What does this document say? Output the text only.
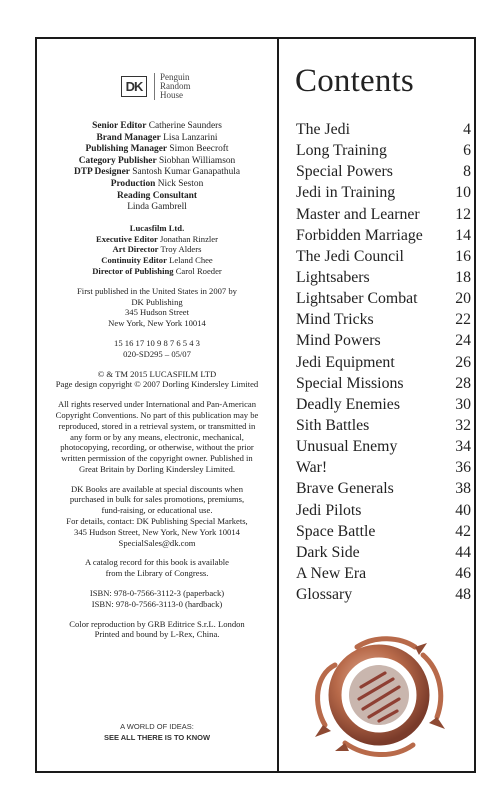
DK
Penguin
Random
House
Senior Editor Catherine Saunders
Brand Manager Lisa Lanzarini
Publishing Manager Simon Beecroft
Category Publisher Siobhan Williamson
DTP Designer Santosh Kumar Ganapathula
Production Nick Seston
Reading Consultant
Linda Gambrell
Lucasfilm Ltd.
Executive Editor Jonathan Rinzler
Art Director Troy Alders
Continuity Editor Leland Chee
Director of Publishing Carol Roeder
First published in the United States in 2007 by
DK Publishing
345 Hudson Street
New York, New York 10014
15 16 17 10 9 8 7 6 5 4 3
020-SD295 – 05/07
© & TM 2015 LUCASFILM LTD
Page design copyright © 2007 Dorling Kindersley Limited
All rights reserved under International and Pan-American
Copyright Conventions. No part of this publication may be
reproduced, stored in a retrieval system, or transmitted in
any form or by any means, electronic, mechanical,
photocopying, recording, or otherwise, without the prior
written permission of the copyright owner. Published in
Great Britain by Dorling Kindersley Limited.
DK Books are available at special discounts when
purchased in bulk for sales promotions, premiums,
fund-raising, or educational use.
For details, contact: DK Publishing Special Markets,
345 Hudson Street, New York, New York 10014
SpecialSales@dk.com
A catalog record for this book is available
from the Library of Congress.
ISBN: 978-0-7566-3112-3 (paperback)
ISBN: 978-0-7566-3113-0 (hardback)
Color reproduction by GRB Editrice S.r.L. London
Printed and bound by L-Rex, China.
A WORLD OF IDEAS:
SEE ALL THERE IS TO KNOW
Contents
The Jedi	4
Long Training	6
Special Powers	8
Jedi in Training	10
Master and Learner 12
Forbidden Marriage 14
The Jedi Council	16
Lightsabers	18
Lightsaber Combat 20
Mind Tricks	22
Mind Powers	24
Jedi Equipment	26
Special Missions	28
Deadly Enemies	30
Sith Battles	32
Unusual Enemy	34
War!	36
Brave Generals	38
Jedi Pilots	40
Space Battle	42
Dark Side	44
A New Era	46
Glossary	48
